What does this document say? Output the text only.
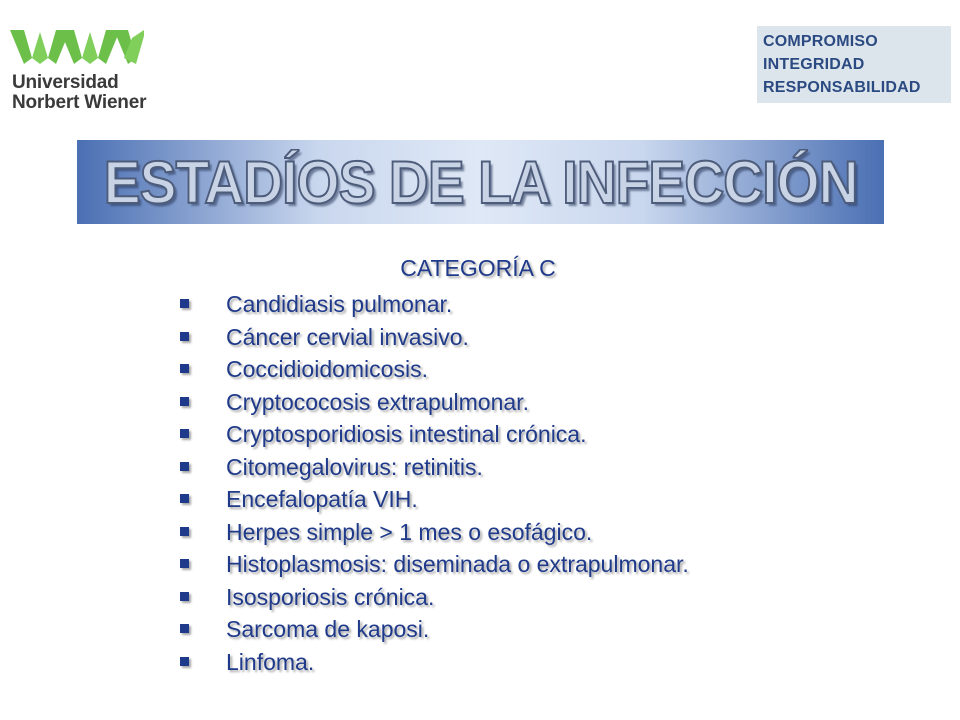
Universidad
Norbert Wiener
COMPROMISO
INTEGRIDAD
RESPONSABILIDAD
ESTADÍOS DE LA INFECCIÓN
CATEGORÍA C
Candidiasis pulmonar.
Cáncer cervial invasivo.
Coccidioidomicosis.
Cryptococosis extrapulmonar.
Cryptosporidiosis intestinal crónica.
Citomegalovirus: retinitis.
Encefalopatía VIH.
Herpes simple > 1 mes o esofágico.
Histoplasmosis: diseminada o extrapulmonar.
Isosporiosis crónica.
Sarcoma de kaposi.
Linfoma.
